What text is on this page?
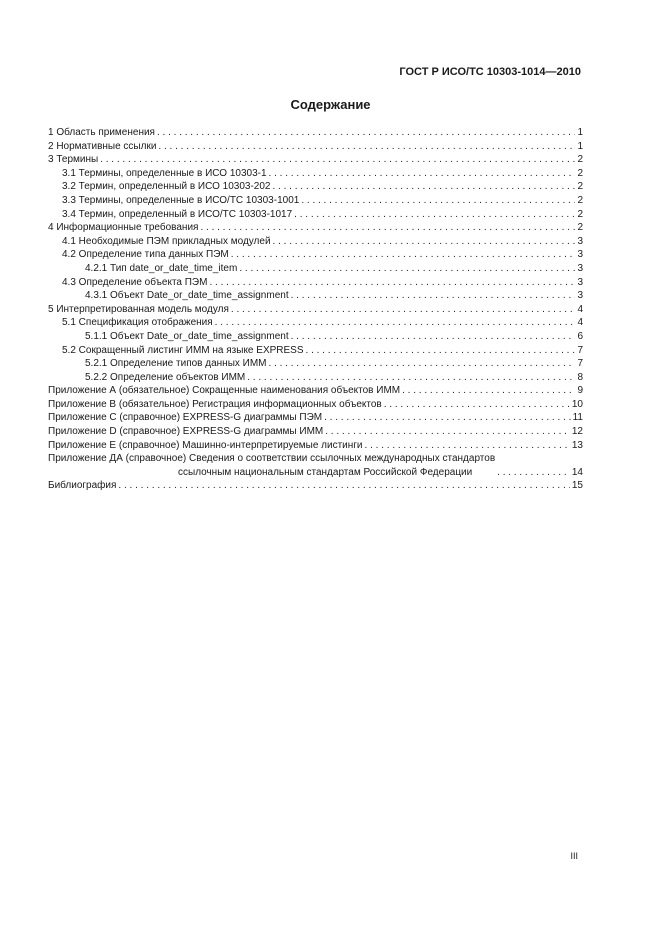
ГОСТ Р ИСО/ТС 10303-1014—2010
Содержание
1 Область применения . . .	1
2 Нормативные ссылки . . .	1
3 Термины . . .	2
3.1 Термины, определенные в ИСО 10303-1 . . .	2
3.2 Термин, определенный в ИСО 10303-202 . . .	2
3.3 Термины, определенные в ИСО/ТС 10303-1001 . . .	2
3.4 Термин, определенный в ИСО/ТС 10303-1017 . . .	2
4 Информационные требования . . .	2
4.1 Необходимые ПЭМ прикладных модулей . . .	3
4.2 Определение типа данных ПЭМ . . .	3
4.2.1 Тип date_or_date_time_item . . .	3
4.3 Определение объекта ПЭМ . . .	3
4.3.1 Объект Date_or_date_time_assignment . . .	3
5 Интерпретированная модель модуля . . .	4
5.1 Спецификация отображения . . .	4
5.1.1 Объект Date_or_date_time_assignment . . .	6
5.2 Сокращенный листинг ИММ на языке EXPRESS . . .	7
5.2.1 Определение типов данных ИММ . . .	7
5.2.2 Определение объектов ИММ . . .	8
Приложение А (обязательное) Сокращенные наименования объектов ИММ . . .	9
Приложение В (обязательное) Регистрация информационных объектов . . .	10
Приложение С (справочное) EXPRESS-G диаграммы ПЭМ . . .	11
Приложение D (справочное) EXPRESS-G диаграммы ИММ . . .	12
Приложение Е (справочное) Машинно-интерпретируемые листинги . . .	13
Приложение ДА (справочное) Сведения о соответствии ссылочных международных стандартов
ссылочным национальным стандартам Российской Федерации . . .	14
Библиография . . .	15
III
